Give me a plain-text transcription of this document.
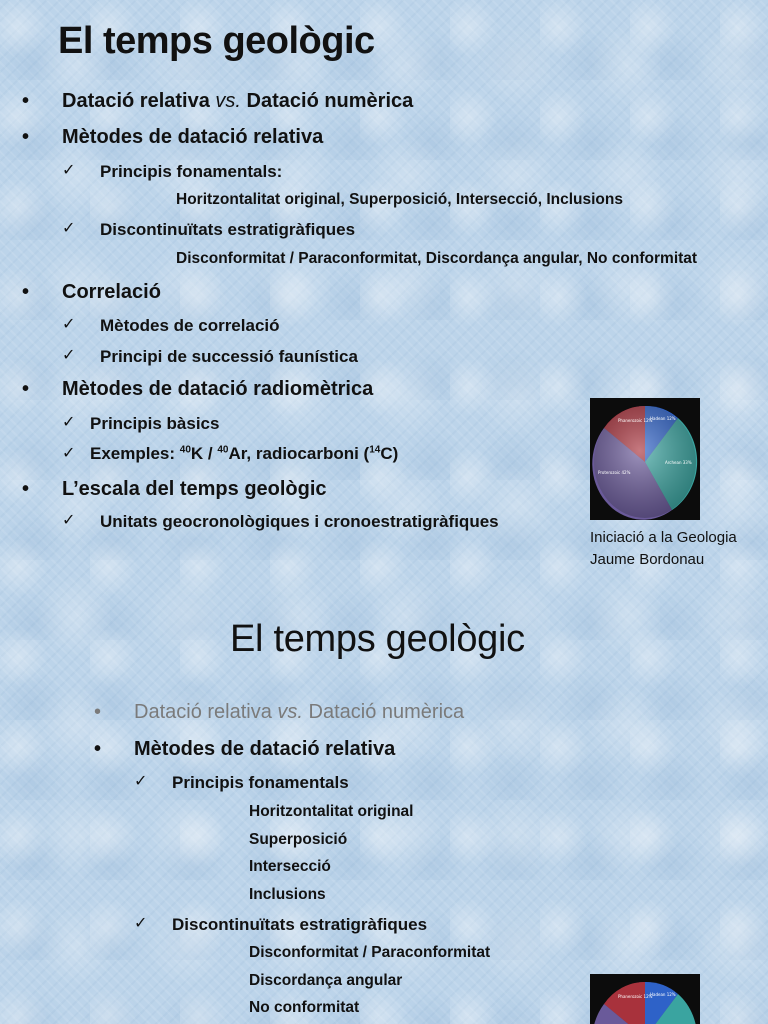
El temps geològic
• Datació relativa vs. Datació numèrica
• Mètodes de datació relativa
✓ Principis fonamentals:
Horitzontalitat original, Superposició, Intersecció, Inclusions
✓ Discontinuïtats estratigràfiques
Disconformitat / Paraconformitat, Discordança angular, No conformitat
• Correlació
✓ Mètodes de correlació
✓ Principi de successió faunística
• Mètodes de datació radiomètrica
✓ Principis bàsics
✓ Exemples: $^{40}$K / $^{40}$Ar, radiocarboni ($^{14}$C)
• L’escala del temps geològic
✓ Unitats geocronològiques i cronoestratigràfiques
Phanerozoic 12%
Hadean 12%
Archean 33%
Proterozoic 42%
Iniciació a la Geologia
Jaume Bordonau
El temps geològic
• Datació relativa vs. Datació numèrica
• Mètodes de datació relativa
✓ Principis fonamentals
Horitzontalitat original
Superposició
Intersecció
Inclusions
✓ Discontinuïtats estratigràfiques
Disconformitat / Paraconformitat
Discordança angular
No conformitat
Phanerozoic 12%
Hadean 12%
